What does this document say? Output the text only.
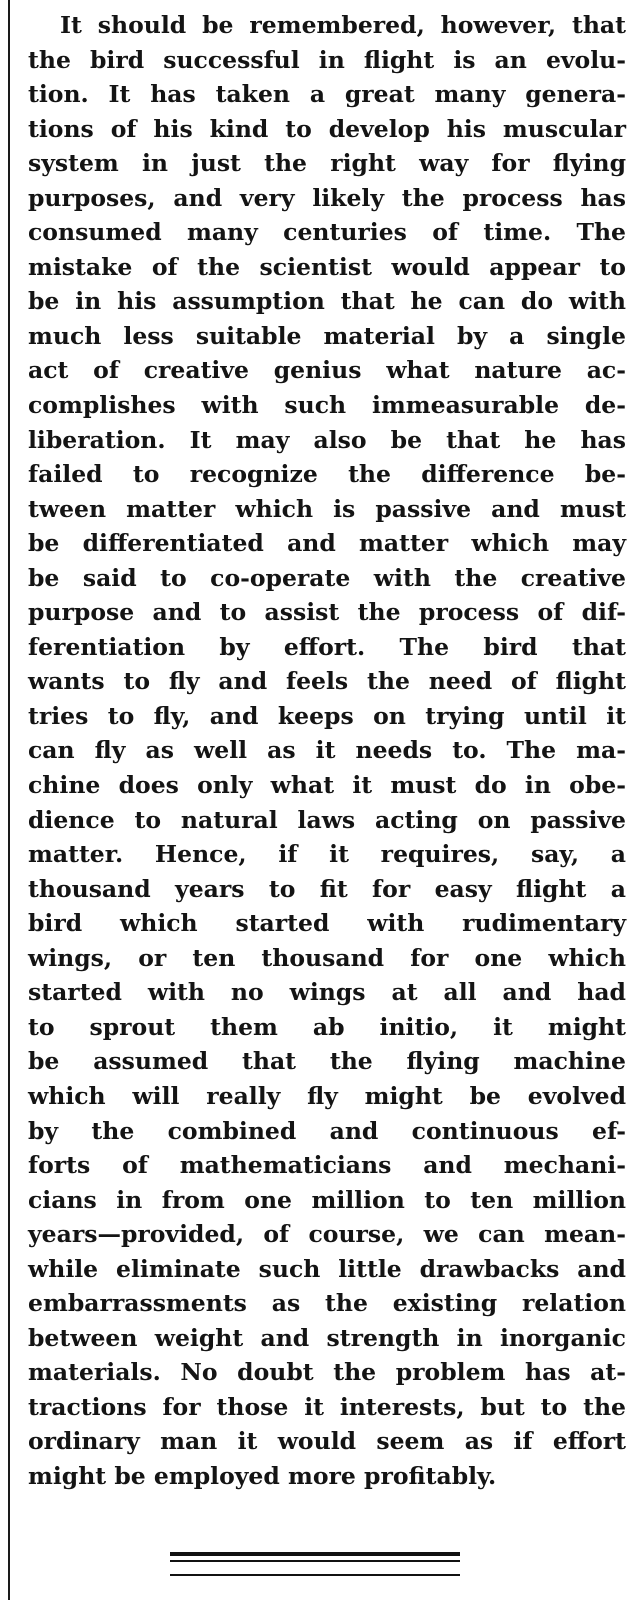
It should be remembered, however, that
the bird successful in flight is an evolu-
tion. It has taken a great many genera-
tions of his kind to develop his muscular
system in just the right way for flying
purposes, and very likely the process has
consumed many centuries of time. The
mistake of the scientist would appear to
be in his assumption that he can do with
much less suitable material by a single
act of creative genius what nature ac-
complishes with such immeasurable de-
liberation. It may also be that he has
failed to recognize the difference be-
tween matter which is passive and must
be differentiated and matter which may
be said to co-operate with the creative
purpose and to assist the process of dif-
ferentiation by effort. The bird that
wants to fly and feels the need of flight
tries to fly, and keeps on trying until it
can fly as well as it needs to. The ma-
chine does only what it must do in obe-
dience to natural laws acting on passive
matter. Hence, if it requires, say, a
thousand years to fit for easy flight a
bird which started with rudimentary
wings, or ten thousand for one which
started with no wings at all and had
to sprout them ab initio, it might
be assumed that the flying machine
which will really fly might be evolved
by the combined and continuous ef-
forts of mathematicians and mechani-
cians in from one million to ten million
years—provided, of course, we can mean-
while eliminate such little drawbacks and
embarrassments as the existing relation
between weight and strength in inorganic
materials. No doubt the problem has at-
tractions for those it interests, but to the
ordinary man it would seem as if effort
might be employed more profitably.
